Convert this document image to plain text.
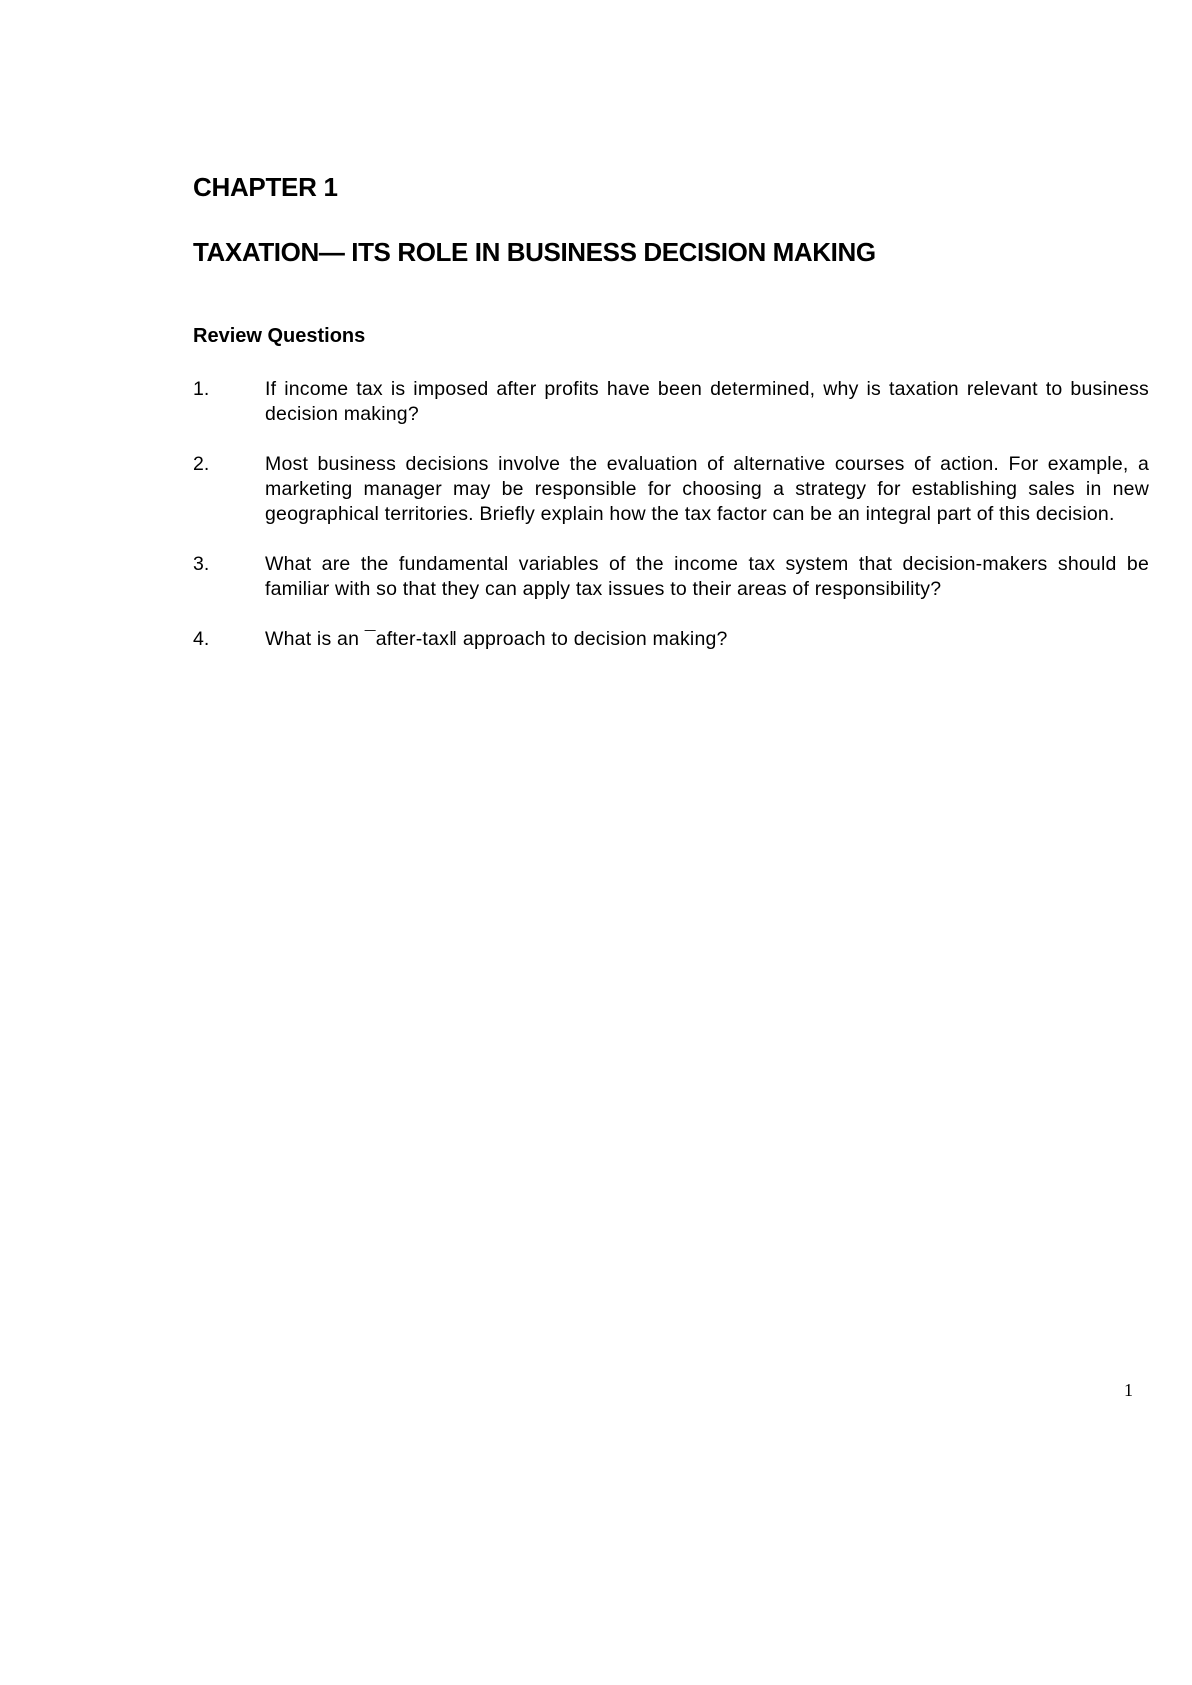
CHAPTER 1
TAXATION— ITS ROLE IN BUSINESS DECISION MAKING
Review Questions
1.	If income tax is imposed after profits have been determined, why is taxation relevant to business decision making?
2.	Most business decisions involve the evaluation of alternative courses of action. For example, a marketing manager may be responsible for choosing a strategy for establishing sales in new geographical territories. Briefly explain how the tax factor can be an integral part of this decision.
3.	What are the fundamental variables of the income tax system that decision-makers should be familiar with so that they can apply tax issues to their areas of responsibility?
4.	What is an ¯after-tax‖ approach to decision making?

1
